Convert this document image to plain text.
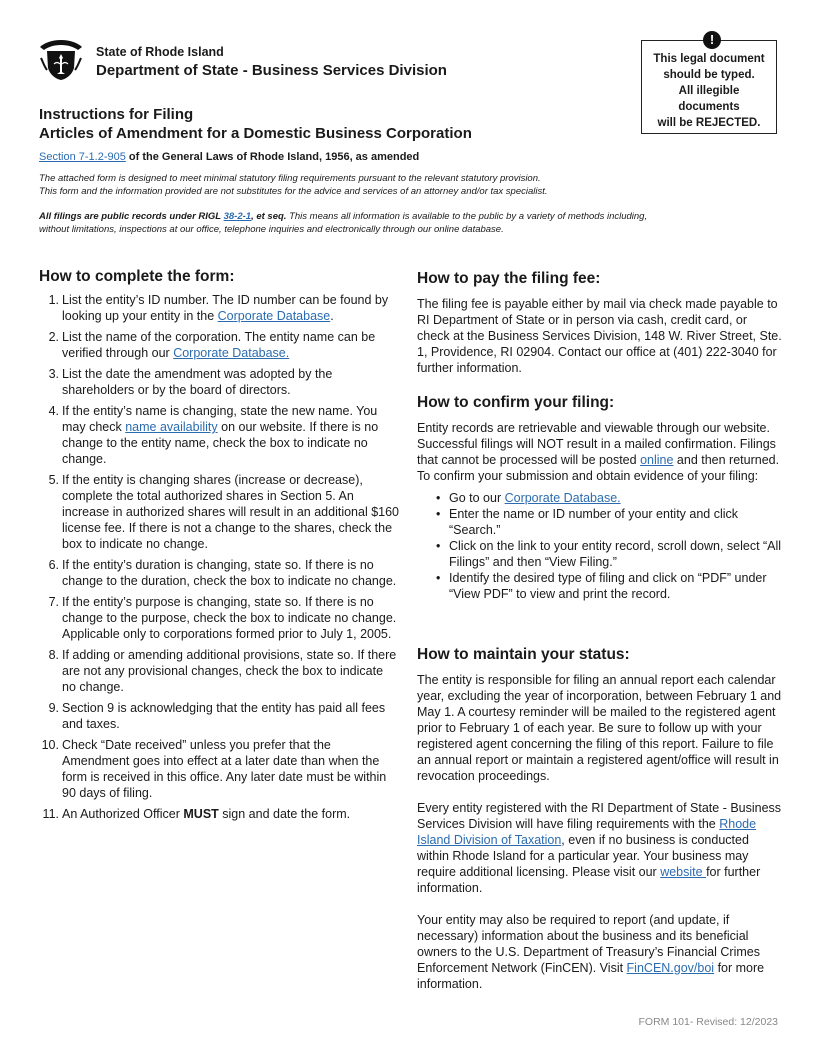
State of Rhode Island
Department of State - Business Services Division
!

This legal document

should be typed.

All illegible

documents

will be REJECTED.

Instructions for Filing
Articles of Amendment for a Domestic Business Corporation
Section 7-1.2-905 of the General Laws of Rhode Island, 1956, as amended
The attached form is designed to meet minimal statutory filing requirements pursuant to the relevant statutory provision.
This form and the information provided are not substitutes for the advice and services of an attorney and/or tax specialist.
All filings are public records under RIGL 38-2-1, et seq. This means all information is available to the public by a variety of methods including,
without limitations, inspections at our office, telephone inquiries and electronically through our online database.
How to complete the form:
1. List the entity’s ID number. The ID number can be found by looking up your entity in the Corporate Database.
2. List the name of the corporation. The entity name can be verified through our Corporate Database.
3. List the date the amendment was adopted by the shareholders or by the board of directors.
4. If the entity’s name is changing, state the new name. You may check name availability on our website. If there is no change to the entity name, check the box to indicate no change.
5. If the entity is changing shares (increase or decrease), complete the total authorized shares in Section 5. An increase in authorized shares will result in an additional $160 license fee. If there is not a change to the shares, check the box to indicate no change.
6. If the entity’s duration is changing, state so. If there is no change to the duration, check the box to indicate no change.
7. If the entity’s purpose is changing, state so. If there is no change to the purpose, check the box to indicate no change. Applicable only to corporations formed prior to July 1, 2005.
8. If adding or amending additional provisions, state so. If there are not any provisional changes, check the box to indicate no change.
9. Section 9 is acknowledging that the entity has paid all fees and taxes.
10. Check “Date received” unless you prefer that the Amendment goes into effect at a later date than when the form is received in this office. Any later date must be within 90 days of filing.
11. An Authorized Officer MUST sign and date the form.
How to pay the filing fee:
The filing fee is payable either by mail via check made payable to RI Department of State or in person via cash, credit card, or check at the Business Services Division, 148 W. River Street, Ste. 1, Providence, RI 02904. Contact our office at (401) 222-3040 for further information.
How to confirm your filing:
Entity records are retrievable and viewable through our website. Successful filings will NOT result in a mailed confirmation. Filings that cannot be processed will be posted online and then returned. To confirm your submission and obtain evidence of your filing:
• Go to our Corporate Database.
• Enter the name or ID number of your entity and click “Search.”
• Click on the link to your entity record, scroll down, select “All Filings” and then “View Filing.”
• Identify the desired type of filing and click on “PDF” under “View PDF” to view and print the record.
How to maintain your status:
The entity is responsible for filing an annual report each calendar year, excluding the year of incorporation, between February 1 and May 1. A courtesy reminder will be mailed to the registered agent prior to February 1 of each year. Be sure to follow up with your registered agent concerning the filing of this report. Failure to file an annual report or maintain a registered agent/office will result in revocation proceedings.
Every entity registered with the RI Department of State - Business Services Division will have filing requirements with the Rhode Island Division of Taxation, even if no business is conducted within Rhode Island for a particular year. Your business may require additional licensing. Please visit our website for further information.
Your entity may also be required to report (and update, if necessary) information about the business and its beneficial owners to the U.S. Department of Treasury’s Financial Crimes Enforcement Network (FinCEN). Visit FinCEN.gov/boi for more information.
FORM 101- Revised: 12/2023
